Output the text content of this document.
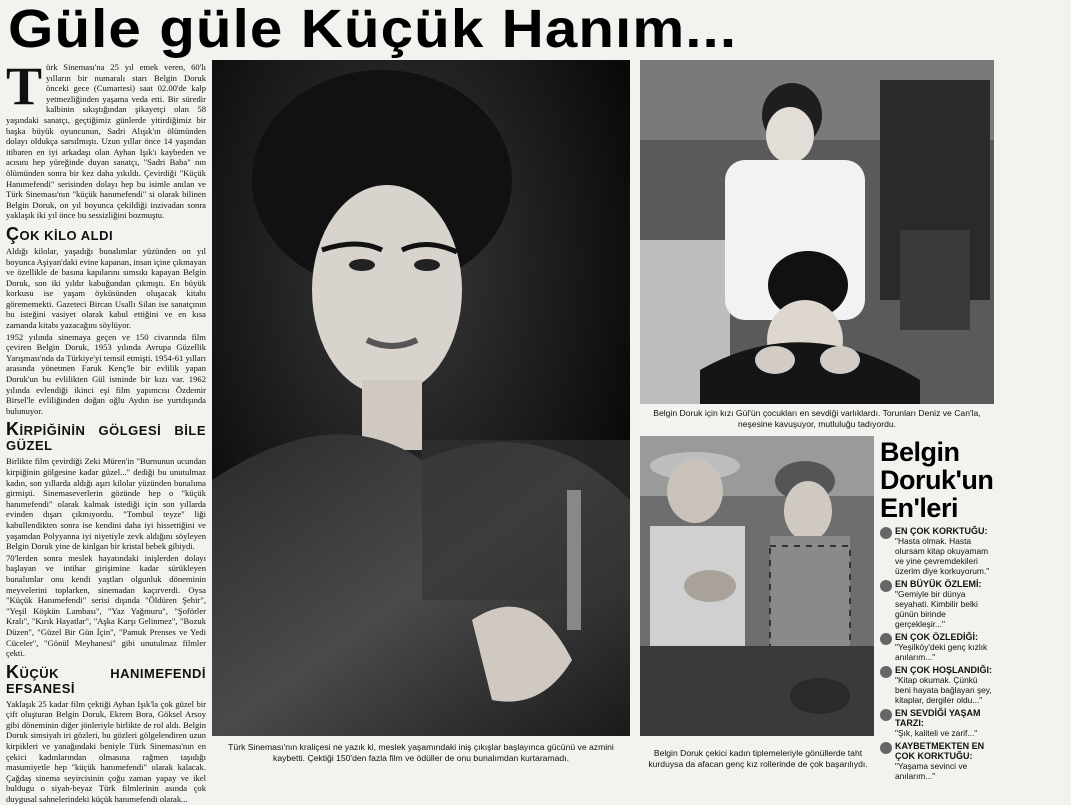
Güle güle Küçük Hanım...

Türk Sineması'na 25 yıl emek veren, 60'lı yılların bir numaralı starı Belgin Doruk önceki gece (Cumartesi) saat 02.00'de kalp yetmezliğinden yaşama veda etti. Bir süredir kalbinin sıkıştığından şikayetçi olan 58 yaşındaki sanatçı, geçtiğimiz günlerde yitirdiğimiz bir başka büyük oyuncunun, Sadri Alışık'ın ölümünden dolayı oldukça sarsılmıştı. Uzun yıllar önce 14 yaşından itibaren en iyi arkadaşı olan Ayhan Işık'ı kaybeden ve acısını hep yüreğinde duyan sanatçı, "Sadri Baba" nın ölümünden sonra bir kez daha yıkıldı. Çevirdiği "Küçük Hanımefendi" serisinden dolayı hep bu isimle anılan ve Türk Sineması'nın "küçük hanımefendi" si olarak bilinen Belgin Doruk, on yıl boyunca çekildiği inzivadan sonra yaklaşık iki yıl önce bu sessizliğini bozmuştu.

ÇOK KİLO ALDI

Aldığı kilolar, yaşadığı bunalımlar yüzünden on yıl boyunca Aşiyan'daki evine kapanan, insan içine çıkmayan ve özellikle de basına kapılarını sımsıkı kapayan Belgin Doruk, son iki yıldır kabuğundan çıkmıştı. En büyük korkusu ise yaşam öyküsünden oluşacak kitabı görememekti. Gazeteci Bircan Usallı Silan ise sanatçının bu isteğini vasiyet olarak kabul ettiğini ve en kısa zamanda kitabı yazacağını söylüyor.

1952 yılında sinemaya geçen ve 150 civarında film çeviren Belgin Doruk, 1953 yılında Avrupa Güzellik Yarışması'nda da Türkiye'yi temsil etmişti. 1954-61 yılları arasında yönetmen Faruk Kenç'le bir evlilik yapan Doruk'un bu evlilikten Gül isminde bir kızı var. 1962 yılında evlendiği ikinci eşi film yapımcısı Özdemir Birsel'le evliliğinden doğan oğlu Aydın ise yurtdışında bulunuyor.

KİRPİĞİNİN GÖLGESİ BİLE GÜZEL

Birlikte film çevirdiği Zeki Müren'in "Burnunun ucundan kirpiğinin gölgesine kadar güzel..." dediği bu unutulmaz kadın, son yıllarda aldığı aşırı kilolar yüzünden bunalıma girmişti. Sinemaseverlerin gözünde hep o "küçük hanımefendi" olarak kalmak istediği için son yıllarda evinden dışarı çıkmıyordu. "Tombul teyze" liği kabullendikten sonra ise kendini daha iyi hissettiğini ve yaşamdan Polyyanna iyi niyetiyle zevk aldığını söyleyen Belgin Doruk yine de kinlgan bir kristal bebek gibiydi.

70'lerden sonra meslek hayatındaki inişlerden dolayı başlayan ve intihar girişimine kadar sürükleyen bunalımlar onu kendi yaştları olgunluk döneminin meyvelerini toplarken, sinemadan kaçırverdi. Oysa "Küçük Hanımefendi" serisi dışında "Öldüren Şehir", "Yeşil Köşkün Lambası", "Yaz Yağmuru", "Şoförler Kralı", "Kırık Hayatlar", "Aşka Karşı Gelinmez", "Bozuk Düzen", "Güzel Bir Gün İçin", "Pamuk Prenses ve Yedi Cüceler", "Gönül Meyhanesi" gibi unutulmaz filmler çekti.

KÜÇÜK HANIMEFENDİ EFSANESİ

Yaklaşık 25 kadar film çektiği Ayhan Işık'la çok güzel bir çift oluşturan Belgin Doruk, Ekrem Bora, Göksel Arsoy gibi döneminin diğer jönleriyle birlikte de rol aldı. Belgin Doruk simsiyah iri gözleri, bu gözleri gölgelendiren uzun kirpikleri ve yanağındaki beniyle Türk Sineması'nın en çekici kadınlarından olmasına rağmen taşıdığı masumiyetle hep "küçük hanımefendi" olarak kalacak. Çağdaş sinema seyircisinin çoğu zaman yapay ve ikel buldugu o siyah-beyaz Türk filmlerinin asında çok duygusal sahnelerindeki küçük hanımefendi olarak...

Türk Sineması'nın kraliçesi ne yazık ki, meslek yaşamındaki iniş çıkışlar başlayınca gücünü ve azmini kaybetti. Çektiği 150'den fazla film ve ödüller de onu bunalımdan kurtaramadı.
Belgin Doruk için kızı Gül'ün çocukları en sevdiği varlıklardı. Torunları Deniz ve Can'la, neşesine kavuşuyor, mutluluğu tadıyordu.
Belgin Doruk çekici kadın tiplemeleriyle gönüllerde taht kurduysa da afacan genç kız rollerinde de çok başarılıydı.
Belgin Doruk'un En'leri
EN ÇOK KORKTUĞU:
"Hasta olmak. Hasta olursam kitap okuyamam ve yine çevremdekileri üzerim diye korkuyorum."
EN BÜYÜK ÖZLEMİ:
"Gemiyle bir dünya seyahati. Kimbilir belki günün birinde gerçekleşir..."
EN ÇOK ÖZLEDİĞİ:
"Yeşilköy'deki genç kızlık anılarım..."
EN ÇOK HOŞLANDIĞI:
"Kitap okumak. Çünkü beni hayata bağlayan şey, kitaplar, dergiler oldu..."
EN SEVDİĞİ YAŞAM TARZI:
"Şık, kaliteli ve zarif..."
KAYBETMEKTEN EN ÇOK KORKTUĞU:
"Yaşama sevinci ve anılarım..."
